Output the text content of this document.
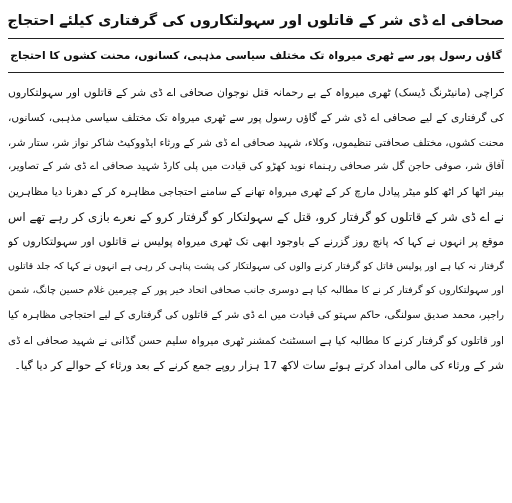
صحافی اے ڈی شر کے قاتلوں اور سہولتکاروں کی گرفتاری کیلئے احتجاج
گاؤں رسول پور سے ٹھری میرواہ تک مختلف سیاسی مذہبی، کسانوں، محنت کشوں کا احتجاج

کراچی (مانیٹرنگ ڈیسک) ٹھری میرواہ کے بے رحمانہ قتل نوجوان صحافی اے ڈی شر کے قاتلوں اور سہولتکاروں

کی گرفتاری کے لیے صحافی اے ڈی شر کے گاؤں رسول پور سے ٹھری میرواہ تک مختلف سیاسی مذہبی، کسانوں،

محنت کشوں، مختلف صحافتی تنظیموں، وکلاء، شہید صحافی اے ڈی شر کے ورثاء ایڈووکیٹ شاکر نواز شر، ستار شر،

آفاق شر، صوفی حاجن گل شر صحافی رہنماء نوید کھڑو کی قیادت میں پلی کارڈ شہید صحافی اے ڈی شر کے تصاویر،

بینر اٹھا کر اٹھ کلو میٹر پیادل مارچ کر کے ٹھری میرواہ تھانے کے سامنے احتجاجی مظاہرہ کر کے دھرنا دیا مظاہرین

نے اے ڈی شر کے قاتلوں کو گرفتار کرو، قتل کے سہولتکار کو گرفتار کرو کے نعرے بازی کر رہے تھے اس

موقع پر انہوں نے کہا کہ پانچ روز گزرنے کے باوجود ابھی تک ٹھری میرواہ پولیس نے قاتلوں اور سہولتکاروں کو

گرفتار نہ کیا ہے اور پولیس قاتل کو گرفتار کرنے والوں کی سہولتکار کی پشت پناہی کر رہی ہے انہوں نے کہا کہ جلد قاتلوں

اور سہولتکاروں کو گرفتار کر نے کا مطالبہ کیا ہے دوسری جانب صحافی اتحاد خیر پور کے چیرمین غلام حسین چانگ، شمن

راجپر، محمد صدیق سولنگی، حاکم سہتو کی قیادت میں اے ڈی شر کے قاتلوں کی گرفتاری کے لیے احتجاجی مظاہرہ کیا

اور قاتلوں کو گرفتار کرنے کا مطالبہ کیا ہے اسسٹنٹ کمشنر ٹھری میرواہ سلیم حسن گڈانی نے شہید صحافی اے ڈی

شر کے ورثاء کی مالی امداد کرتے ہوئے سات لاکھ 17 ہزار روپے جمع کرنے کے بعد ورثاء کے حوالے کر دیا گیا۔
